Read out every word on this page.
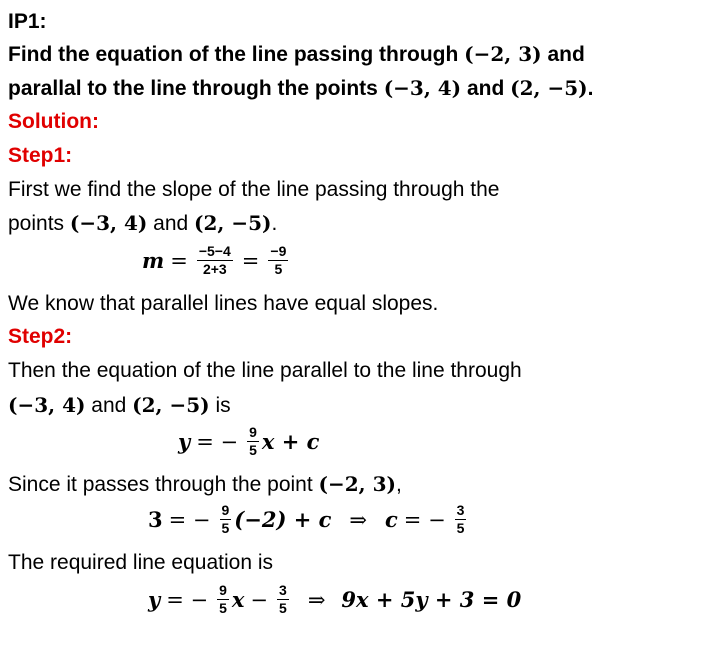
IP1:
Find the equation of the line passing through (−2, 3) and
parallal to the line through the points (−3, 4) and (2, −5).
Solution:
Step1:
First we find the slope of the line passing through the
points (−3, 4) and (2, −5).
$m = \frac{-5-4}{2+3} = \frac{-9}{5}$
We know that parallel lines have equal slopes.
Step2:
Then the equation of the line parallel to the line through
(−3, 4) and (2, −5) is
y = − $\frac{9}{5}$ x + c
Since it passes through the point (−2, 3),
3 = − $\frac{9}{5} (-2) + c$ ⇒ c = − $\frac{3}{5}$
The required line equation is
y = − $\frac{9}{5}$ $x - \frac{3}{5}$ ⇒ 9x + 5y + 3 = 0
